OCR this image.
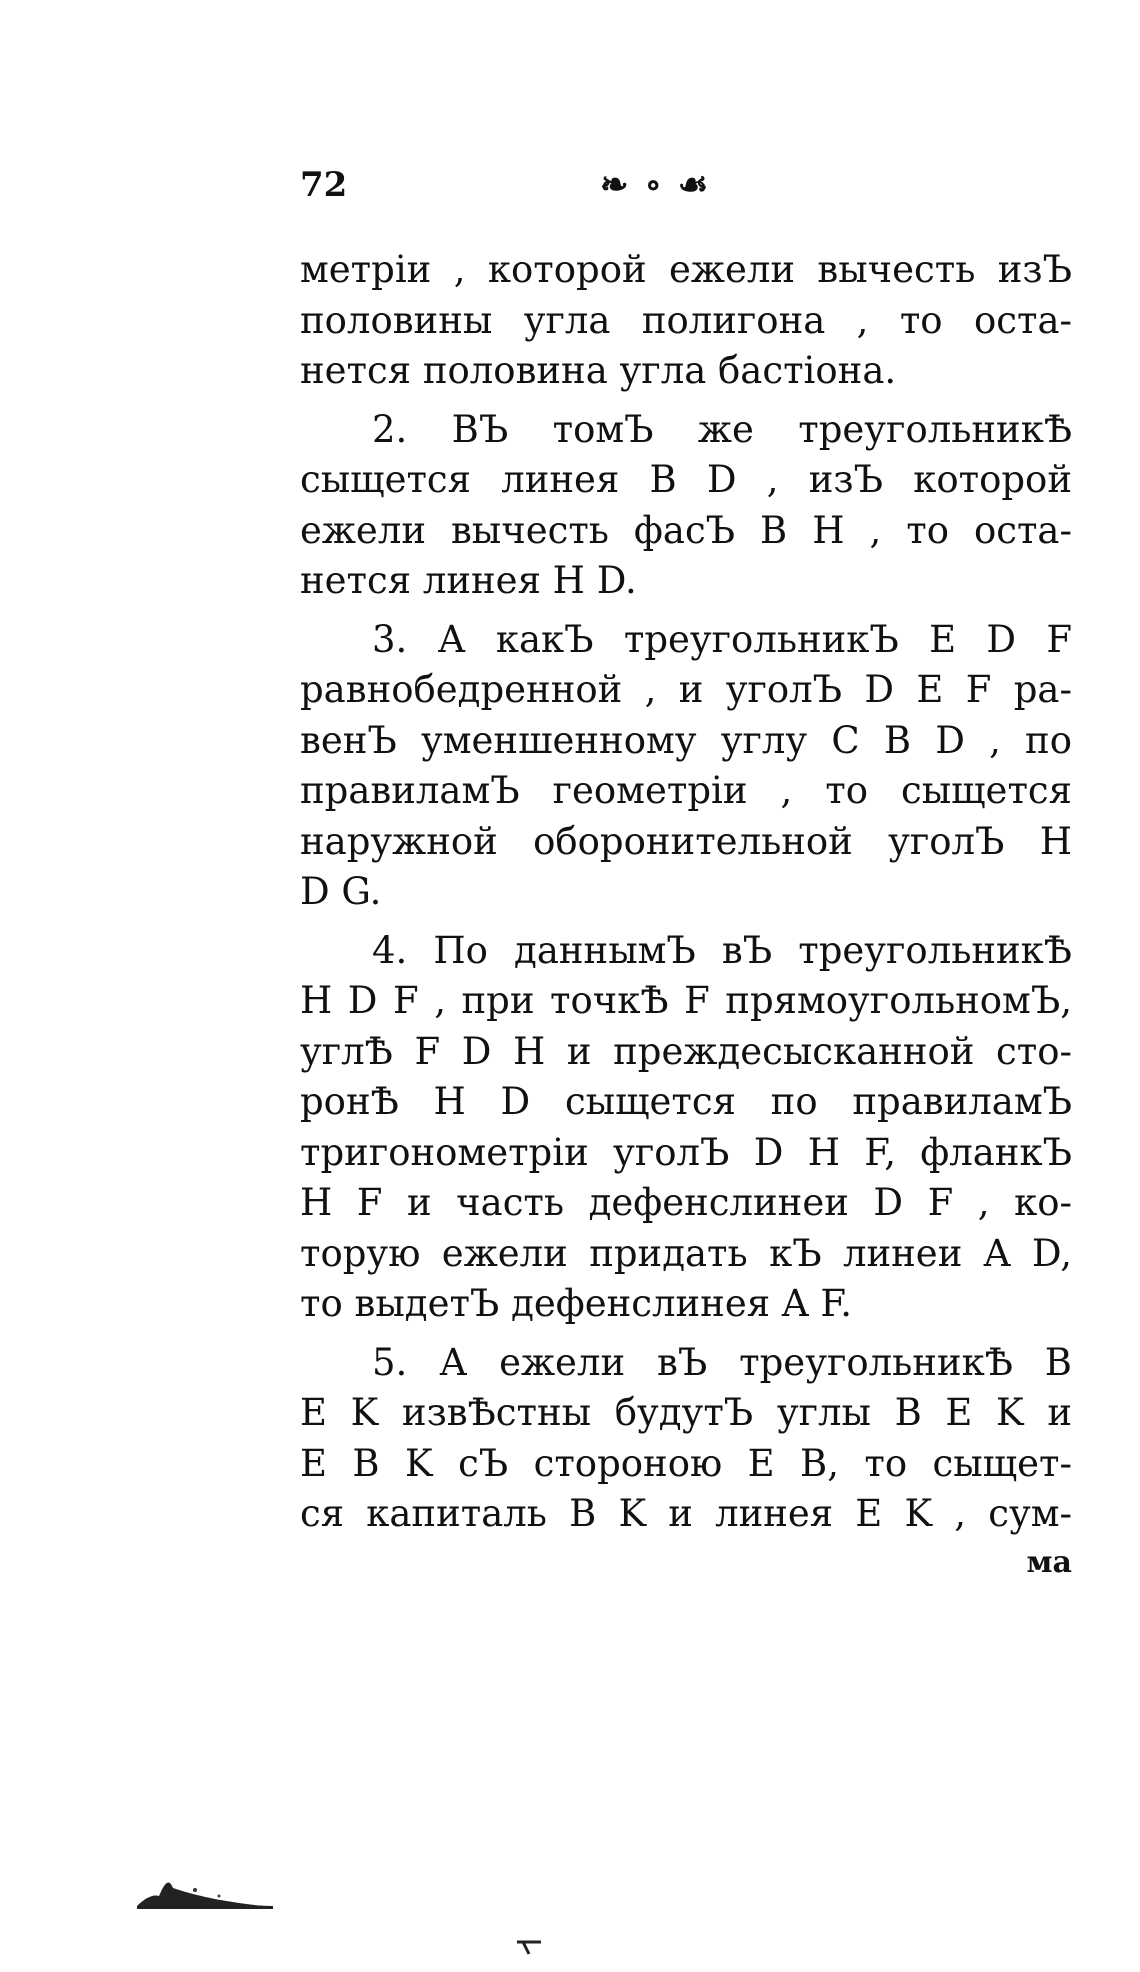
72	❧ ∘ ☙

метріи , которой ежели вычесть изЪ
половины угла полигона , то оста-
нется половина угла бастіона.

2. ВЪ томЪ же треугольникѢ
сыщется линея B D , изЪ которой
ежели вычесть фасЪ B H , то оста-
нется линея H D.

3. А какЪ треугольникЪ E D F
равнобедренной , и уголЪ D E F ра-
венЪ уменшенному углу C B D , по
правиламЪ геометріи , то сыщется
наружной оборонительной уголЪ H
D G.

4. По даннымЪ вЪ треугольникѢ
H D F , при точкѢ F прямоугольномЪ,
углѢ F D H и преждесысканной сто-
ронѢ H D сыщется по правиламЪ
тригонометріи уголЪ D H F, фланкЪ
H F и часть дефенслинеи D F , ко-
торую ежели придать кЪ линеи A D,
то выдетЪ дефенслинея A F.

5. А ежели вЪ треугольникѢ B
E K извѢстны будутЪ углы B E K и
E B K сЪ стороною E B, то сыщет-
ся капиталь B K и линея E K , сум-
ма
